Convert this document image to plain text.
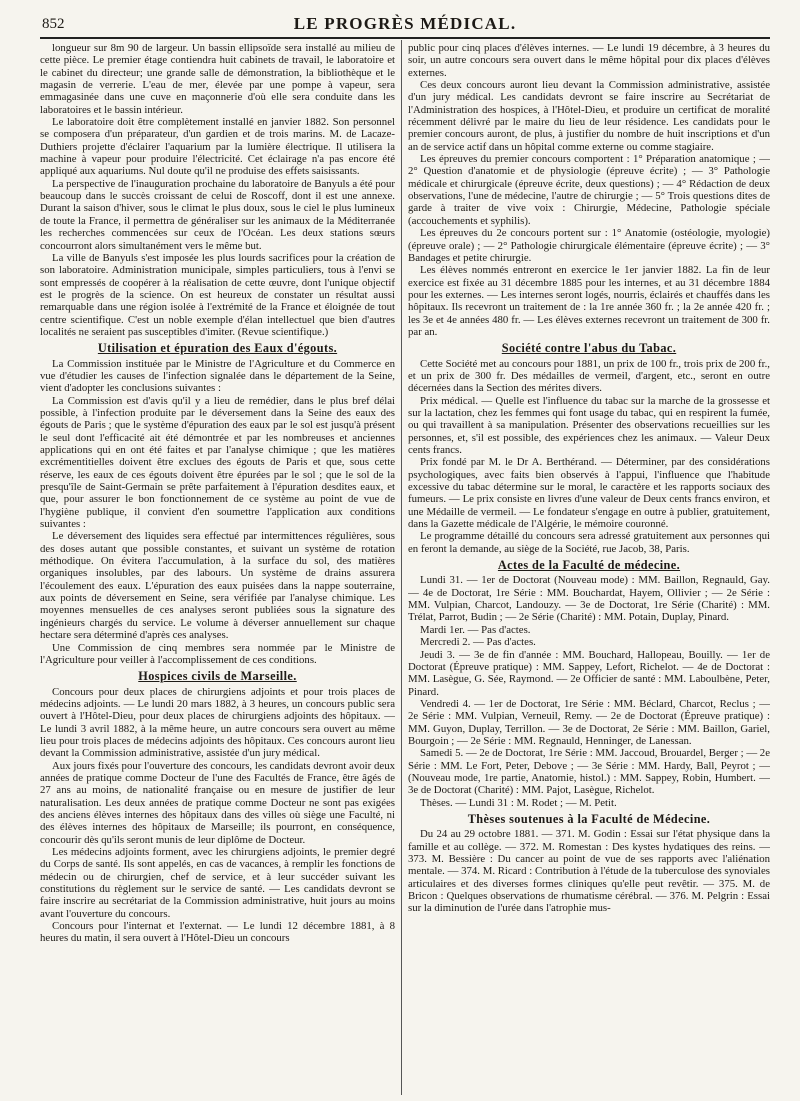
852	LE PROGRÈS MÉDICAL.

longueur sur 8m 90 de largeur. Un bassin ellipsoïde sera installé au milieu de cette pièce. Le premier étage contiendra huit cabinets de travail, le laboratoire et le cabinet du directeur; une grande salle de démonstration, la bibliothèque et le magasin de verrerie. L'eau de mer, élevée par une pompe à vapeur, sera emmagasinée dans une cuve en maçonnerie d'où elle sera conduite dans les laboratoires et le bassin intérieur.

Le laboratoire doit être complètement installé en janvier 1882. Son personnel se composera d'un préparateur, d'un gardien et de trois marins. M. de Lacaze-Duthiers projette d'éclairer l'aquarium par la lumière électrique. Il utilisera la machine à vapeur pour produire l'électricité. Cet éclairage n'a pas encore été appliqué aux aquariums. Nul doute qu'il ne produise des effets saisissants.

La perspective de l'inauguration prochaine du laboratoire de Banyuls a été pour beaucoup dans le succès croissant de celui de Roscoff, dont il est une annexe. Durant la saison d'hiver, sous le climat le plus doux, sous le ciel le plus lumineux de toute la France, il permettra de généraliser sur les animaux de la Méditerranée les recherches commencées sur ceux de l'Océan. Les deux stations sœurs concourront alors simultanément vers le même but.

La ville de Banyuls s'est imposée les plus lourds sacrifices pour la création de son laboratoire. Administration municipale, simples particuliers, tous à l'envi se sont empressés de coopérer à la réalisation de cette œuvre, dont l'unique objectif est le progrès de la science. On est heureux de constater un résultat aussi remarquable dans une région isolée à l'extrémité de la France et éloignée de tout centre scientifique. C'est un noble exemple d'élan intellectuel que bien d'autres localités ne seraient pas susceptibles d'imiter. (Revue scientifique.)

Utilisation et épuration des Eaux d'égouts.

La Commission instituée par le Ministre de l'Agriculture et du Commerce en vue d'étudier les causes de l'infection signalée dans le département de la Seine, vient d'adopter les conclusions suivantes :

La Commission est d'avis qu'il y a lieu de remédier, dans le plus bref délai possible, à l'infection produite par le déversement dans la Seine des eaux des égouts de Paris ; que le système d'épuration des eaux par le sol est jusqu'à présent le seul dont l'efficacité ait été démontrée et par les nombreuses et anciennes applications qui en ont été faites et par l'analyse chimique ; que les matières excrémentitielles doivent être exclues des égouts de Paris et que, sous cette réserve, les eaux de ces égouts doivent être épurées par le sol ; que le sol de la presqu'île de Saint-Germain se prête parfaitement à l'épuration desdites eaux, et que, pour assurer le bon fonctionnement de ce système au point de vue de l'hygiène publique, il convient d'en soumettre l'application aux conditions suivantes :

Le déversement des liquides sera effectué par intermittences régulières, sous des doses autant que possible constantes, et suivant un système de rotation méthodique. On évitera l'accumulation, à la surface du sol, des matières organiques insolubles, par des labours. Un système de drains assurera l'écoulement des eaux. L'épuration des eaux puisées dans la nappe souterraine, aux points de déversement en Seine, sera vérifiée par l'analyse chimique. Les moyennes mensuelles de ces analyses seront publiées sous la signature des ingénieurs chargés du service. Le volume à déverser annuellement sur chaque hectare sera déterminé d'après ces analyses.

Une Commission de cinq membres sera nommée par le Ministre de l'Agriculture pour veiller à l'accomplissement de ces conditions.

Hospices civils de Marseille.

Concours pour deux places de chirurgiens adjoints et pour trois places de médecins adjoints. — Le lundi 20 mars 1882, à 3 heures, un concours public sera ouvert à l'Hôtel-Dieu, pour deux places de chirurgiens adjoints des hôpitaux. — Le lundi 3 avril 1882, à la même heure, un autre concours sera ouvert au même lieu pour trois places de médecins adjoints des hôpitaux. Ces concours auront lieu devant la Commission administrative, assistée d'un jury médical.

Aux jours fixés pour l'ouverture des concours, les candidats devront avoir deux années de pratique comme Docteur de l'une des Facultés de France, être âgés de 27 ans au moins, de nationalité française ou en mesure de justifier de leur naturalisation. Les deux années de pratique comme Docteur ne sont pas exigées des anciens élèves internes des hôpitaux dans des villes où siège une Faculté, ni des élèves internes des hôpitaux de Marseille; ils pourront, en conséquence, concourir dès qu'ils seront munis de leur diplôme de Docteur.

Les médecins adjoints forment, avec les chirurgiens adjoints, le premier degré du Corps de santé. Ils sont appelés, en cas de vacances, à remplir les fonctions de médecin ou de chirurgien, chef de service, et à leur succéder suivant les constitutions du règlement sur le service de santé. — Les candidats devront se faire inscrire au secrétariat de la Commission administrative, huit jours au moins avant l'ouverture du concours.

Concours pour l'internat et l'externat. — Le lundi 12 décembre 1881, à 8 heures du matin, il sera ouvert à l'Hôtel-Dieu un concours

public pour cinq places d'élèves internes. — Le lundi 19 décembre, à 3 heures du soir, un autre concours sera ouvert dans le même hôpital pour dix places d'élèves externes.

Ces deux concours auront lieu devant la Commission administrative, assistée d'un jury médical. Les candidats devront se faire inscrire au Secrétariat de l'Administration des hospices, à l'Hôtel-Dieu, et produire un certificat de moralité récemment délivré par le maire du lieu de leur résidence. Les candidats pour le premier concours auront, de plus, à justifier du nombre de huit inscriptions et d'un an de service actif dans un hôpital comme externe ou comme stagiaire.

Les épreuves du premier concours comportent : 1° Préparation anatomique ; — 2° Question d'anatomie et de physiologie (épreuve écrite) ; — 3° Pathologie médicale et chirurgicale (épreuve écrite, deux questions) ; — 4° Rédaction de deux observations, l'une de médecine, l'autre de chirurgie ; — 5° Trois questions dites de garde à traiter de vive voix : Chirurgie, Médecine, Pathologie spéciale (accouchements et syphilis).

Les épreuves du 2e concours portent sur : 1° Anatomie (ostéologie, myologie) (épreuve orale) ; — 2° Pathologie chirurgicale élémentaire (épreuve écrite) ; — 3° Bandages et petite chirurgie.

Les élèves nommés entreront en exercice le 1er janvier 1882. La fin de leur exercice est fixée au 31 décembre 1885 pour les internes, et au 31 décembre 1884 pour les externes. — Les internes seront logés, nourris, éclairés et chauffés dans les hôpitaux. Ils recevront un traitement de : la 1re année 360 fr. ; la 2e année 420 fr. ; les 3e et 4e années 480 fr. — Les élèves externes recevront un traitement de 300 fr. par an.

Société contre l'abus du Tabac.

Cette Société met au concours pour 1881, un prix de 100 fr., trois prix de 200 fr., et un prix de 300 fr. Des médailles de vermeil, d'argent, etc., seront en outre décernées dans la Section des mérites divers.

Prix médical. — Quelle est l'influence du tabac sur la marche de la grossesse et sur la lactation, chez les femmes qui font usage du tabac, qui en respirent la fumée, ou qui travaillent à sa manipulation. Présenter des observations recueillies sur les personnes, et, s'il est possible, des expériences chez les animaux. — Valeur Deux cents francs.

Prix fondé par M. le Dr A. Berthérand. — Déterminer, par des considérations psychologiques, avec faits bien observés à l'appui, l'influence que l'habitude excessive du tabac détermine sur le moral, le caractère et les rapports sociaux des fumeurs. — Le prix consiste en livres d'une valeur de Deux cents francs environ, et une Médaille de vermeil. — Le fondateur s'engage en outre à publier, gratuitement, dans la Gazette médicale de l'Algérie, le mémoire couronné.

Le programme détaillé du concours sera adressé gratuitement aux personnes qui en feront la demande, au siège de la Société, rue Jacob, 38, Paris.

Actes de la Faculté de médecine.

Lundi 31. — 1er de Doctorat (Nouveau mode) : MM. Baillon, Regnauld, Gay. — 4e de Doctorat, 1re Série : MM. Bouchardat, Hayem, Ollivier ; — 2e Série : MM. Vulpian, Charcot, Landouzy. — 3e de Doctorat, 1re Série (Charité) : MM. Trélat, Parrot, Budin ; — 2e Série (Charité) : MM. Potain, Duplay, Pinard.

Mardi 1er. — Pas d'actes.

Mercredi 2. — Pas d'actes.

Jeudi 3. — 3e de fin d'année : MM. Bouchard, Hallopeau, Bouilly. — 1er de Doctorat (Épreuve pratique) : MM. Sappey, Lefort, Richelot. — 4e de Doctorat : MM. Lasègue, G. Sée, Raymond. — 2e Officier de santé : MM. Laboulbène, Peter, Pinard.

Vendredi 4. — 1er de Doctorat, 1re Série : MM. Béclard, Charcot, Reclus ; — 2e Série : MM. Vulpian, Verneuil, Remy. — 2e de Doctorat (Épreuve pratique) : MM. Guyon, Duplay, Terrillon. — 3e de Doctorat, 2e Série : MM. Baillon, Gariel, Bourgoin ; — 2e Série : MM. Regnauld, Henninger, de Lanessan.

Samedi 5. — 2e de Doctorat, 1re Série : MM. Jaccoud, Brouardel, Berger ; — 2e Série : MM. Le Fort, Peter, Debove ; — 3e Série : MM. Hardy, Ball, Peyrot ; — (Nouveau mode, 1re partie, Anatomie, histol.) : MM. Sappey, Robin, Humbert. — 3e de Doctorat (Charité) : MM. Pajot, Lasègue, Richelot.

Thèses. — Lundi 31 : M. Rodet ; — M. Petit.

Thèses soutenues à la Faculté de Médecine.

Du 24 au 29 octobre 1881. — 371. M. Godin : Essai sur l'état physique dans la famille et au collège. — 372. M. Romestan : Des kystes hydatiques des reins. — 373. M. Bessière : Du cancer au point de vue de ses rapports avec l'aliénation mentale. — 374. M. Ricard : Contribution à l'étude de la tuberculose des synoviales articulaires et des diverses formes cliniques qu'elle peut revêtir. — 375. M. de Bricon : Quelques observations de rhumatisme cérébral. — 376. M. Pelgrin : Essai sur la diminution de l'urée dans l'atrophie mus-
